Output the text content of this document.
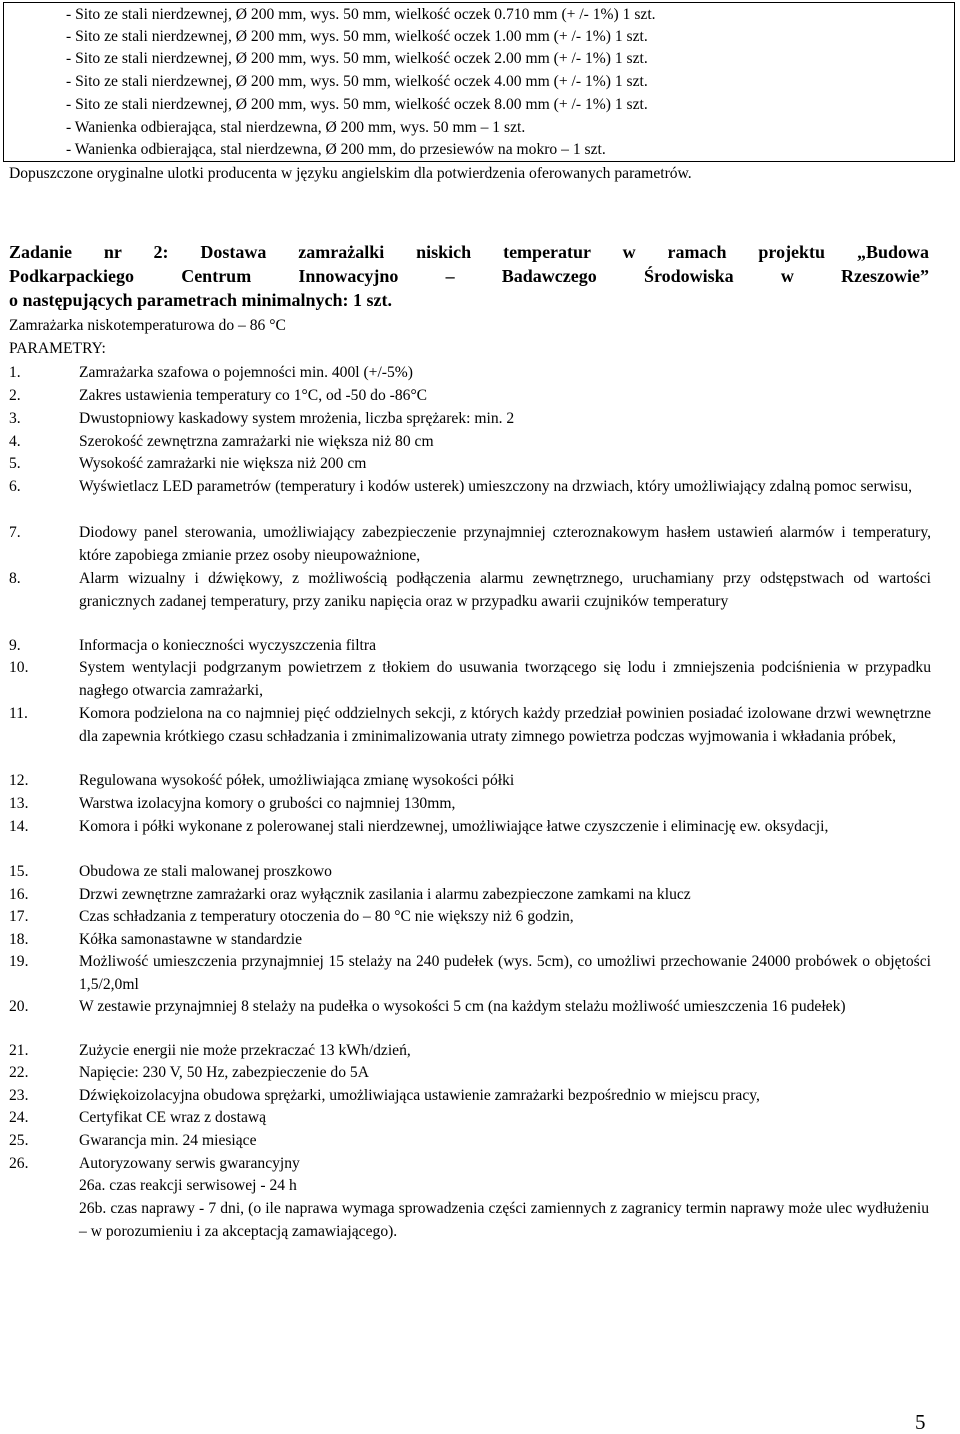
- Sito ze stali nierdzewnej, Ø 200 mm, wys. 50 mm, wielkość oczek 0.710 mm (+ /- 1%) 1 szt.
- Sito ze stali nierdzewnej, Ø 200 mm, wys. 50 mm, wielkość oczek 1.00 mm (+ /- 1%) 1 szt.
- Sito ze stali nierdzewnej, Ø 200 mm, wys. 50 mm, wielkość oczek 2.00 mm (+ /- 1%) 1 szt.
- Sito ze stali nierdzewnej, Ø 200 mm, wys. 50 mm, wielkość oczek 4.00 mm (+ /- 1%) 1 szt.
- Sito ze stali nierdzewnej, Ø 200 mm, wys. 50 mm, wielkość oczek 8.00 mm (+ /- 1%) 1 szt.
- Wanienka odbierająca, stal nierdzewna, Ø 200 mm, wys. 50 mm – 1 szt.
- Wanienka odbierająca, stal nierdzewna, Ø 200 mm, do przesiewów na mokro – 1 szt.
Dopuszczone oryginalne ulotki producenta w języku angielskim dla potwierdzenia oferowanych parametrów.
Zadanie nr 2: Dostawa zamrażalki niskich temperatur w ramach projektu „Budowa
Podkarpackiego Centrum Innowacyjno – Badawczego Środowiska w Rzeszowie”
o następujących parametrach minimalnych: 1 szt.
Zamrażarka niskotemperaturowa do – 86 °C
PARAMETRY:
1.	Zamrażarka szafowa o pojemności min. 400l (+/-5%)
2.	Zakres ustawienia temperatury co 1°C, od -50 do -86°C
3.	Dwustopniowy kaskadowy system mrożenia, liczba sprężarek: min. 2
4.	Szerokość zewnętrzna zamrażarki nie większa niż 80 cm
5.	Wysokość zamrażarki nie większa niż 200 cm
6.	Wyświetlacz LED parametrów (temperatury i kodów usterek) umieszczony na drzwiach, który umożliwiający zdalną pomoc serwisu,
7.	Diodowy panel sterowania, umożliwiający zabezpieczenie przynajmniej czteroznakowym hasłem ustawień alarmów i temperatury, które zapobiega zmianie przez osoby nieupoważnione,
8.	Alarm wizualny i dźwiękowy, z możliwością podłączenia alarmu zewnętrznego, uruchamiany przy odstępstwach od wartości granicznych zadanej temperatury, przy zaniku napięcia oraz w przypadku awarii czujników temperatury
9.	Informacja o konieczności wyczyszczenia filtra
10.	System wentylacji podgrzanym powietrzem z tłokiem do usuwania tworzącego się lodu i zmniejszenia podciśnienia w przypadku nagłego otwarcia zamrażarki,
11.	Komora podzielona na co najmniej pięć oddzielnych sekcji, z których każdy przedział powinien posiadać izolowane drzwi wewnętrzne dla zapewnia krótkiego czasu schładzania i zminimalizowania utraty zimnego powietrza podczas wyjmowania i wkładania próbek,
12.	Regulowana wysokość półek, umożliwiająca zmianę wysokości półki
13.	Warstwa izolacyjna komory o grubości co najmniej 130mm,
14.	Komora i półki wykonane z polerowanej stali nierdzewnej, umożliwiające łatwe czyszczenie i eliminację ew. oksydacji,
15.	Obudowa ze stali malowanej proszkowo
16.	Drzwi zewnętrzne zamrażarki oraz wyłącznik zasilania i alarmu zabezpieczone zamkami na klucz
17.	Czas schładzania z temperatury otoczenia do – 80 °C nie większy niż 6 godzin,
18.	Kółka samonastawne w standardzie
19.	Możliwość umieszczenia przynajmniej 15 stelaży na 240 pudełek (wys. 5cm), co umożliwi przechowanie 24000 probówek o objętości 1,5/2,0ml
20.	W zestawie przynajmniej 8 stelaży na pudełka o wysokości 5 cm (na każdym stelażu możliwość umieszczenia 16 pudełek)
21.	Zużycie energii nie może przekraczać 13 kWh/dzień,
22.	Napięcie: 230 V, 50 Hz, zabezpieczenie do 5A
23.	Dźwiękoizolacyjna obudowa sprężarki, umożliwiająca ustawienie zamrażarki bezpośrednio w miejscu pracy,
24.	Certyfikat CE wraz z dostawą
25.	Gwarancja min. 24 miesiące
26.	Autoryzowany serwis gwarancyjny
26a. czas reakcji serwisowej - 24 h
26b. czas naprawy - 7 dni, (o ile naprawa wymaga sprowadzenia części zamiennych z zagranicy termin naprawy może ulec wydłużeniu – w porozumieniu i za akceptacją zamawiającego).
5
